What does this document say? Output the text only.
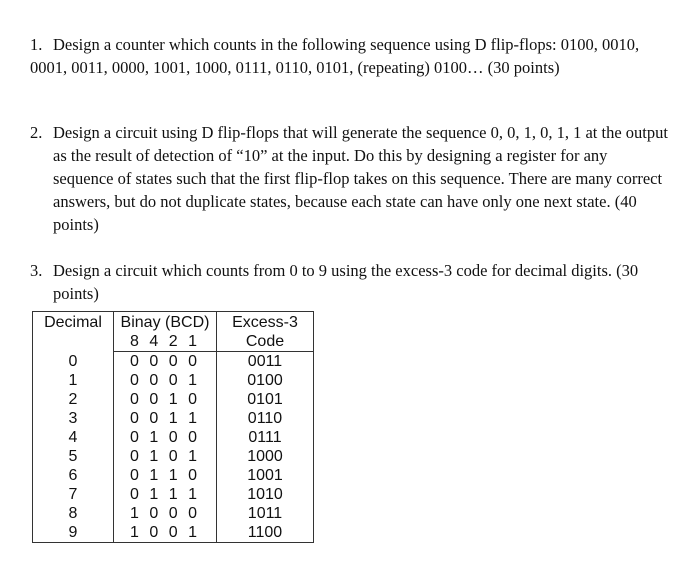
1. Design a counter which counts in the following sequence using D flip-flops: 0100, 0010, 0001, 0011, 0000, 1001, 1000, 0111, 0110, 0101, (repeating) 0100… (30 points)
2. Design a circuit using D flip-flops that will generate the sequence 0, 0, 1, 0, 1, 1 at the output as the result of detection of “10” at the input. Do this by designing a register for any sequence of states such that the first flip-flop takes on this sequence. There are many correct answers, but do not duplicate states, because each state can have only one next state. (40 points)
3. Design a circuit which counts from 0 to 9 using the excess-3 code for decimal digits. (30 points)
Decimal	Binay (BCD)	Excess-3
	8 4 2 1	Code
0	0 0 0 0	0011
1	0 0 0 1	0100
2	0 0 1 0	0101
3	0 0 1 1	0110
4	0 1 0 0	0111
5	0 1 0 1	1000
6	0 1 1 0	1001
7	0 1 1 1	1010
8	1 0 0 0	1011
9	1 0 0 1	1100
